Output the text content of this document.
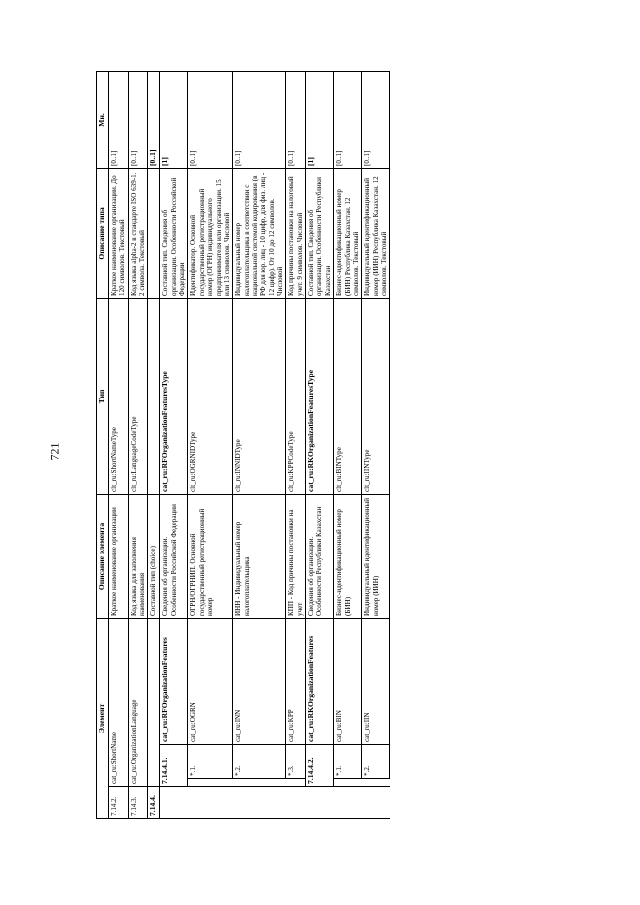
721
Элемент				Описание элемента	Тип	Описание типа	Мн.
7.14.2.	cat_ru:ShortName			Краткое наименование организации	clt_ru:ShortNameType	Краткое наименование организации. До 120 символов. Текстовый	[0..1]
7.14.3.	cat_ru:OrganizationLanguage			Код языка для заполнения наименования	clt_ru:LanguageCodeType	Код языка alpha-2 в стандарте ISO 639-1. 2 символа. Текстовый	[0..1]
7.14.4.				Составной тип (choice)			[0..1]
	7.14.4.1.		cat_ru:RFOrganizationFeatures	Сведения об организации. Особенности Российской Федерации	cat_ru:RFOrganizationFeaturesType	Составной тип. Сведения об организации. Особенности Российской Федерации	[1]
		*.1.	cat_ru:OGRN	ОГРН/ОГРНИП. Основной государственный регистрационный номер	clt_ru:OGRNIDType	Идентификатор. Основной государственный регистрационный номер (ОГРН) индивидуального предпринимателя или организации. 15 или 13 символов. Числовой	[0..1]
		*.2.	cat_ru:INN	ИНН - Индивидуальный номер налогоплательщика	clt_ru:INNIDType	Индивидуальный номер налогоплательщика в соответствии с национальной системой кодирования (в РФ для юр. лиц - 10 цифр, для физ. лиц - 12 цифр). От 10 до 12 символов. Числовой	[0..1]
		*.3.	cat_ru:KPP	КПП - Код причины постановки на учет	clt_ru:KPPCodeType	Код причины постановки на налоговый учет. 9 символов. Числовой	[0..1]
	7.14.4.2.		cat_ru:RKOrganizationFeatures	Сведения об организации. Особенности Республики Казахстан	cat_ru:RKOrganizationFeaturesType	Составной тип. Сведения об организации. Особенности Республики Казахстан	[1]
		*.1.	cat_ru:BIN	Бизнес-идентификационный номер (БИН)	clt_ru:BINType	Бизнес-идентификационный номер (БИН) Республика Казахстан. 12 символов. Текстовый	[0..1]
		*.2.	cat_ru:IIN	Индивидуальный идентификационный номер (ИИН)	clt_ru:IINType	Индивидуальный идентификационный номер (ИИН) Республика Казахстан. 12 символов. Текстовый	[0..1]
